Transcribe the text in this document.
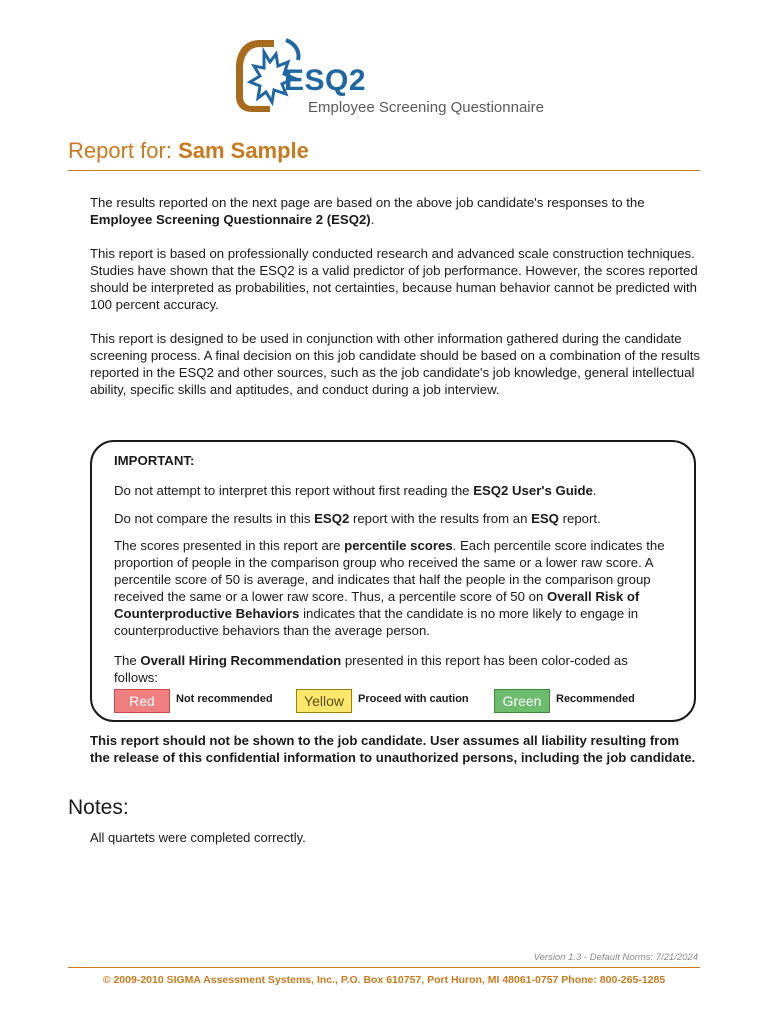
ESQ2
Employee Screening Questionnaire
Report for: Sam Sample

The results reported on the next page are based on the above job candidate's responses to the Employee Screening Questionnaire 2 (ESQ2).

This report is based on professionally conducted research and advanced scale construction techniques. Studies have shown that the ESQ2 is a valid predictor of job performance. However, the scores reported should be interpreted as probabilities, not certainties, because human behavior cannot be predicted with 100 percent accuracy.

This report is designed to be used in conjunction with other information gathered during the candidate screening process. A final decision on this job candidate should be based on a combination of the results reported in the ESQ2 and other sources, such as the job candidate's job knowledge, general intellectual ability, specific skills and aptitudes, and conduct during a job interview.

IMPORTANT:

Do not attempt to interpret this report without first reading the ESQ2 User's Guide.

Do not compare the results in this ESQ2 report with the results from an ESQ report.

The scores presented in this report are percentile scores. Each percentile score indicates the proportion of people in the comparison group who received the same or a lower raw score. A percentile score of 50 is average, and indicates that half the people in the comparison group received the same or a lower raw score. Thus, a percentile score of 50 on Overall Risk of Counterproductive Behaviors indicates that the candidate is no more likely to engage in counterproductive behaviors than the average person.

The Overall Hiring Recommendation presented in this report has been color-coded as follows:

Red	Not recommended	Yellow	Proceed with caution	Green	Recommended

This report should not be shown to the job candidate. User assumes all liability resulting from the release of this confidential information to unauthorized persons, including the job candidate.

Notes:
All quartets were completed correctly.
Version 1.3 - Default Norms: 7/21/2024
© 2009-2010 SIGMA Assessment Systems, Inc., P.O. Box 610757, Port Huron, MI 48061-0757 Phone: 800-265-1285
